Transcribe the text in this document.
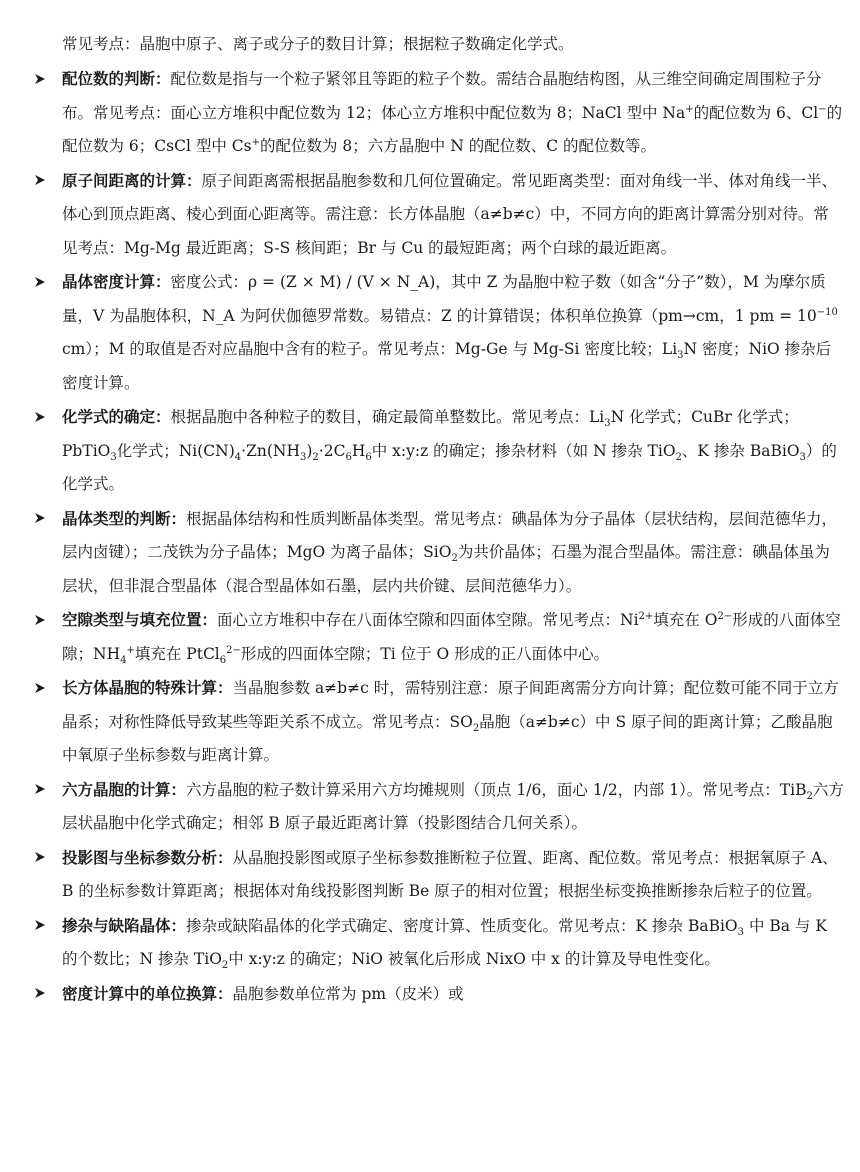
常见考点：晶胞中原子、离子或分子的数目计算；根据粒子数确定化学式。
配位数的判断：配位数是指与一个粒子紧邻且等距的粒子个数。需结合晶胞结构图，从三维空间确定周围粒子分布。常见考点：面心立方堆积中配位数为 12；体心立方堆积中配位数为 8；NaCl 型中 Na+的配位数为 6、Cl−的配位数为 6；CsCl 型中 Cs+的配位数为 8；六方晶胞中 N 的配位数、C 的配位数等。
原子间距离的计算：原子间距离需根据晶胞参数和几何位置确定。常见距离类型：面对角线一半、体对角线一半、体心到顶点距离、棱心到面心距离等。需注意：长方体晶胞（a≠b≠c）中，不同方向的距离计算需分别对待。常见考点：Mg-Mg 最近距离；S-S 核间距；Br 与 Cu 的最短距离；两个白球的最近距离。
晶体密度计算：密度公式：ρ = (Z × M) / (V × N_A)，其中 Z 为晶胞中粒子数（如含“分子”数），M 为摩尔质量，V 为晶胞体积，N_A 为阿伏伽德罗常数。易错点：Z 的计算错误；体积单位换算（pm→cm，1 pm = $10^{-10}$ cm）；M 的取值是否对应晶胞中含有的粒子。常见考点：Mg-Ge 与 Mg-Si 密度比较；$Li_3N$ 密度；NiO 掺杂后密度计算。
化学式的确定：根据晶胞中各种粒子的数目，确定最简单整数比。常见考点：$Li_3N$ 化学式；CuBr 化学式；PbTiO$_3$化学式；$Ni(CN)_4\cdot Zn(NH_3)_2\cdot 2C_6H_6$中 x:y:z 的确定；掺杂材料（如 N 掺杂 TiO$_2$、K 掺杂 BaBiO$_3$）的化学式。
晶体类型的判断：根据晶体结构和性质判断晶体类型。常见考点：碘晶体为分子晶体（层状结构，层间范德华力，层内卤键）；二茂铁为分子晶体；MgO 为离子晶体；SiO$_2$为共价晶体；石墨为混合型晶体。需注意：碘晶体虽为层状，但非混合型晶体（混合型晶体如石墨，层内共价键、层间范德华力）。
空隙类型与填充位置：面心立方堆积中存在八面体空隙和四面体空隙。常见考点：$Ni^{2+}$填充在 $O^{2-}$形成的八面体空隙；$NH_4^+$填充在 PtCl$_6^{2-}$形成的四面体空隙；Ti 位于 O 形成的正八面体中心。
长方体晶胞的特殊计算：当晶胞参数 a≠b≠c 时，需特别注意：原子间距离需分方向计算；配位数可能不同于立方晶系；对称性降低导致某些等距关系不成立。常见考点：$SO_2$晶胞（a≠b≠c）中 S 原子间的距离计算；乙酸晶胞中氧原子坐标参数与距离计算。
六方晶胞的计算：六方晶胞的粒子数计算采用六方均摊规则（顶点 1/6，面心 1/2，内部 1）。常见考点：TiB$_2$六方层状晶胞中化学式确定；相邻 B 原子最近距离计算（投影图结合几何关系）。
投影图与坐标参数分析：从晶胞投影图或原子坐标参数推断粒子位置、距离、配位数。常见考点：根据氧原子 A、B 的坐标参数计算距离；根据体对角线投影图判断 Be 原子的相对位置；根据坐标变换推断掺杂后粒子的位置。
掺杂与缺陷晶体：掺杂或缺陷晶体的化学式确定、密度计算、性质变化。常见考点：K 掺杂 BaBiO$_3$ 中 Ba 与 K 的个数比；N 掺杂 TiO$_2$中 x:y:z 的确定；NiO 被氧化后形成 NixO 中 x 的计算及导电性变化。
密度计算中的单位换算：晶胞参数单位常为 pm（皮米）或
